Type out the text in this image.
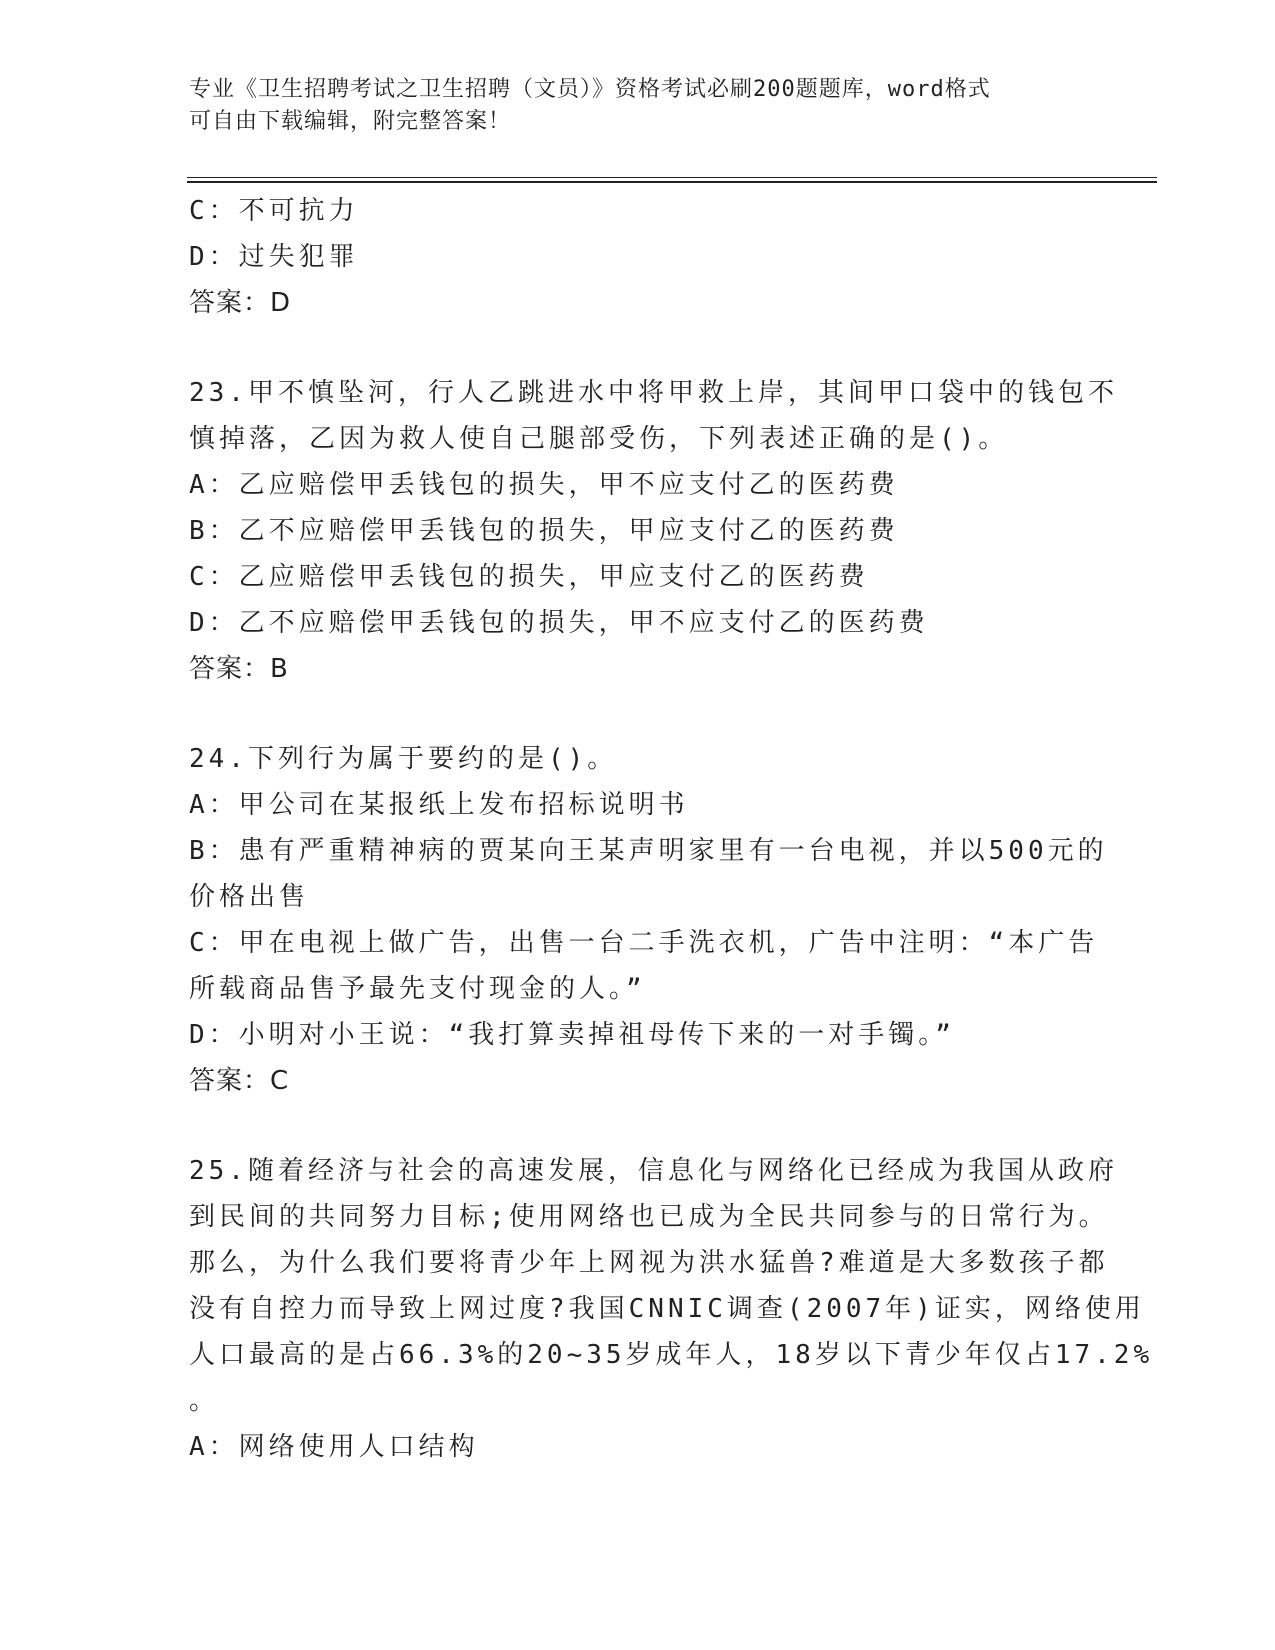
专业《卫生招聘考试之卫生招聘（文员）》资格考试必刷200题题库，word格式
可自由下载编辑，附完整答案！
C：不可抗力
D：过失犯罪
答案：D
23.甲不慎坠河，行人乙跳进水中将甲救上岸，其间甲口袋中的钱包不
慎掉落，乙因为救人使自己腿部受伤，下列表述正确的是()。
A：乙应赔偿甲丢钱包的损失，甲不应支付乙的医药费
B：乙不应赔偿甲丢钱包的损失，甲应支付乙的医药费
C：乙应赔偿甲丢钱包的损失，甲应支付乙的医药费
D：乙不应赔偿甲丢钱包的损失，甲不应支付乙的医药费
答案：B
24.下列行为属于要约的是()。
A：甲公司在某报纸上发布招标说明书
B：患有严重精神病的贾某向王某声明家里有一台电视，并以500元的
价格出售
C：甲在电视上做广告，出售一台二手洗衣机，广告中注明：“本广告
所载商品售予最先支付现金的人。”
D：小明对小王说：“我打算卖掉祖母传下来的一对手镯。”
答案：C
25.随着经济与社会的高速发展，信息化与网络化已经成为我国从政府
到民间的共同努力目标;使用网络也已成为全民共同参与的日常行为。
那么，为什么我们要将青少年上网视为洪水猛兽?难道是大多数孩子都
没有自控力而导致上网过度?我国CNNIC调查(2007年)证实，网络使用
人口最高的是占66.3%的20~35岁成年人，18岁以下青少年仅占17.2%
。
A：网络使用人口结构
